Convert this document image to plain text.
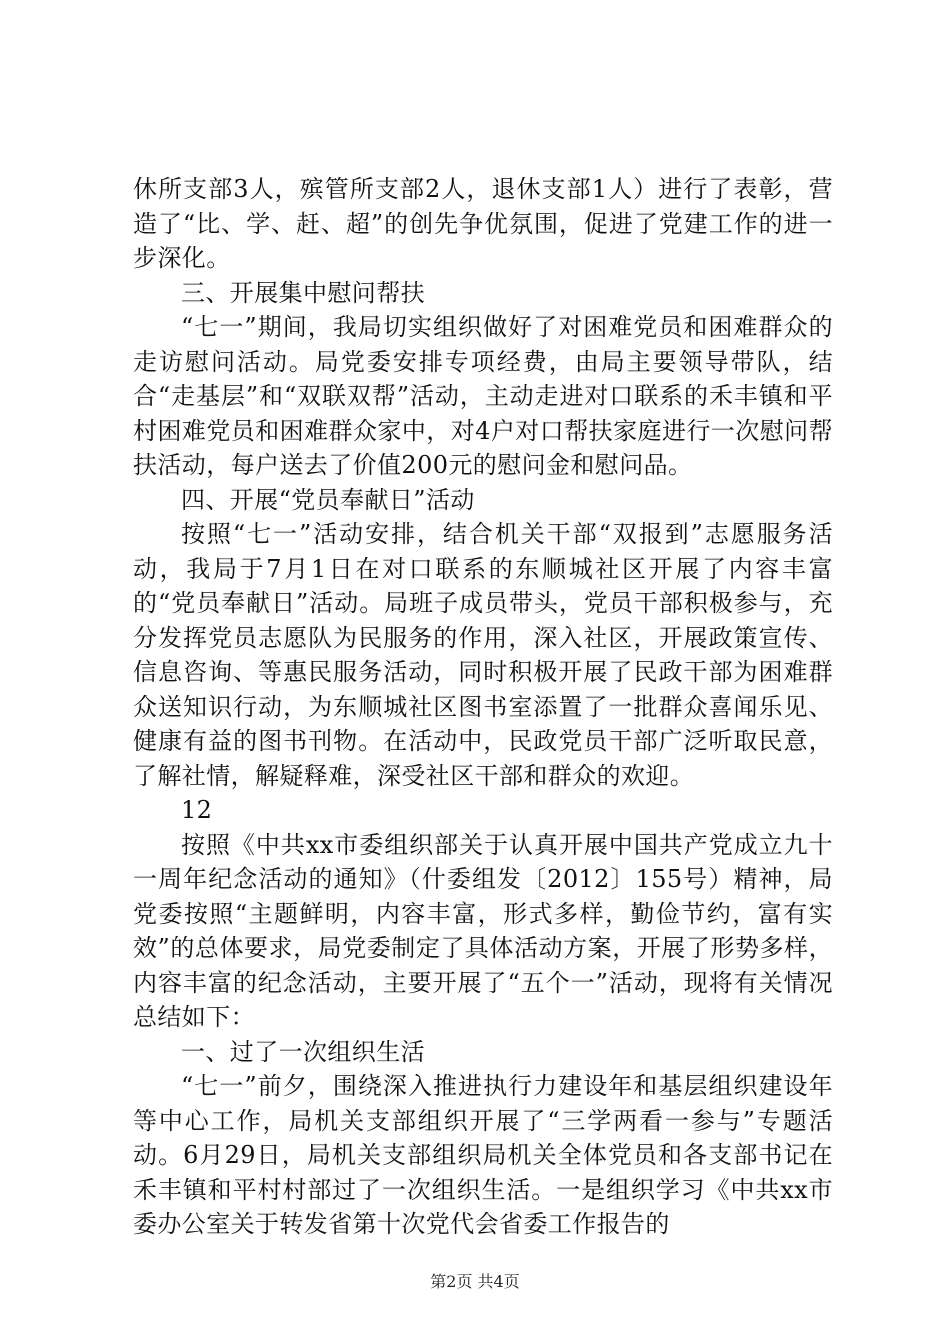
休所支部3人，殡管所支部2人，退休支部1人）进行了表彰，营造了“比、学、赶、超”的创先争优氛围，促进了党建工作的进一步深化。

三、开展集中慰问帮扶

“七一”期间，我局切实组织做好了对困难党员和困难群众的走访慰问活动。局党委安排专项经费，由局主要领导带队，结合“走基层”和“双联双帮”活动，主动走进对口联系的禾丰镇和平村困难党员和困难群众家中，对4户对口帮扶家庭进行一次慰问帮扶活动，每户送去了价值200元的慰问金和慰问品。

四、开展“党员奉献日”活动

按照“七一”活动安排，结合机关干部“双报到”志愿服务活动，我局于7月1日在对口联系的东顺城社区开展了内容丰富的“党员奉献日”活动。局班子成员带头，党员干部积极参与，充分发挥党员志愿队为民服务的作用，深入社区，开展政策宣传、信息咨询、等惠民服务活动，同时积极开展了民政干部为困难群众送知识行动，为东顺城社区图书室添置了一批群众喜闻乐见、健康有益的图书刊物。在活动中，民政党员干部广泛听取民意，了解社情，解疑释难，深受社区干部和群众的欢迎。

12

按照《中共xx市委组织部关于认真开展中国共产党成立九十一周年纪念活动的通知》（什委组发〔2012〕155号）精神，局党委按照“主题鲜明，内容丰富，形式多样，勤俭节约，富有实效”的总体要求，局党委制定了具体活动方案，开展了形势多样，内容丰富的纪念活动，主要开展了“五个一”活动，现将有关情况总结如下：

一、过了一次组织生活

“七一”前夕，围绕深入推进执行力建设年和基层组织建设年等中心工作，局机关支部组织开展了“三学两看一参与”专题活动。6月29日，局机关支部组织局机关全体党员和各支部书记在禾丰镇和平村村部过了一次组织生活。一是组织学习《中共xx市委办公室关于转发省第十次党代会省委工作报告的

第2页 共4页
